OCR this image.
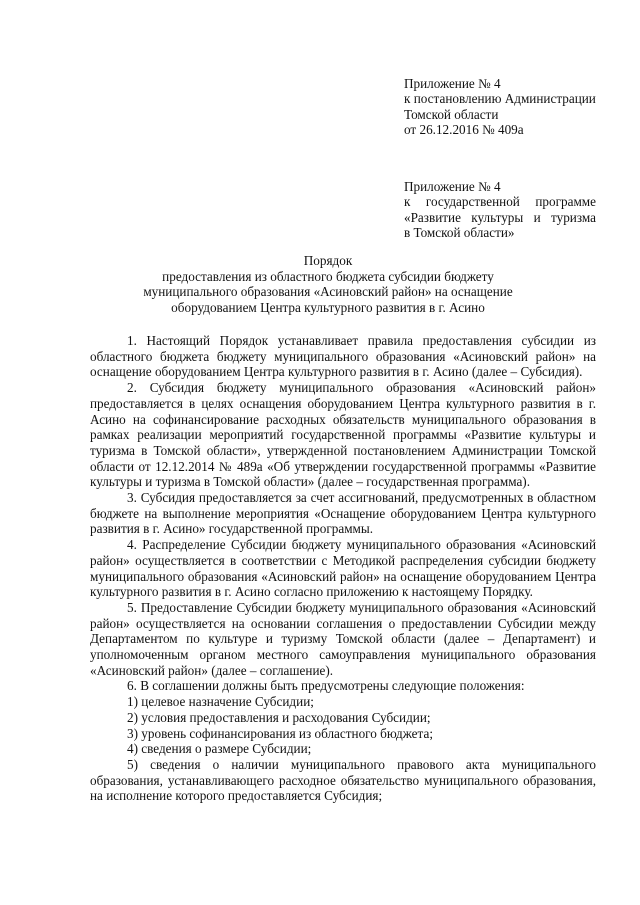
Приложение № 4
к постановлению Администрации
Томской области
от 26.12.2016 № 409а
Приложение № 4
к государственной программе
«Развитие культуры и туризма
в Томской области»
Порядок
предоставления из областного бюджета субсидии бюджету
муниципального образования «Асиновский район» на оснащение
оборудованием Центра культурного развития в г. Асино

1. Настоящий Порядок устанавливает правила предоставления субсидии из областного бюджета бюджету муниципального образования «Асиновский район» на оснащение оборудованием Центра культурного развития в г. Асино (далее – Субсидия).

2. Субсидия бюджету муниципального образования «Асиновский район» предоставляется в целях оснащения оборудованием Центра культурного развития в г. Асино на софинансирование расходных обязательств муниципального образования в рамках реализации мероприятий государственной программы «Развитие культуры и туризма в Томской области», утвержденной постановлением Администрации Томской области от 12.12.2014 № 489а «Об утверждении государственной программы «Развитие культуры и туризма в Томской области» (далее – государственная программа).

3. Субсидия предоставляется за счет ассигнований, предусмотренных в областном бюджете на выполнение мероприятия «Оснащение оборудованием Центра культурного развития в г. Асино» государственной программы.

4. Распределение Субсидии бюджету муниципального образования «Асиновский район» осуществляется в соответствии с Методикой распределения субсидии бюджету муниципального образования «Асиновский район» на оснащение оборудованием Центра культурного развития в г. Асино согласно приложению к настоящему Порядку.

5. Предоставление Субсидии бюджету муниципального образования «Асиновский район» осуществляется на основании соглашения о предоставлении Субсидии между Департаментом по культуре и туризму Томской области (далее – Департамент) и уполномоченным органом местного самоуправления муниципального образования «Асиновский район» (далее – соглашение).

6. В соглашении должны быть предусмотрены следующие положения:

1) целевое назначение Субсидии;

2) условия предоставления и расходования Субсидии;

3) уровень софинансирования из областного бюджета;

4) сведения о размере Субсидии;

5) сведения о наличии муниципального правового акта муниципального образования, устанавливающего расходное обязательство муниципального образования, на исполнение которого предоставляется Субсидия;
